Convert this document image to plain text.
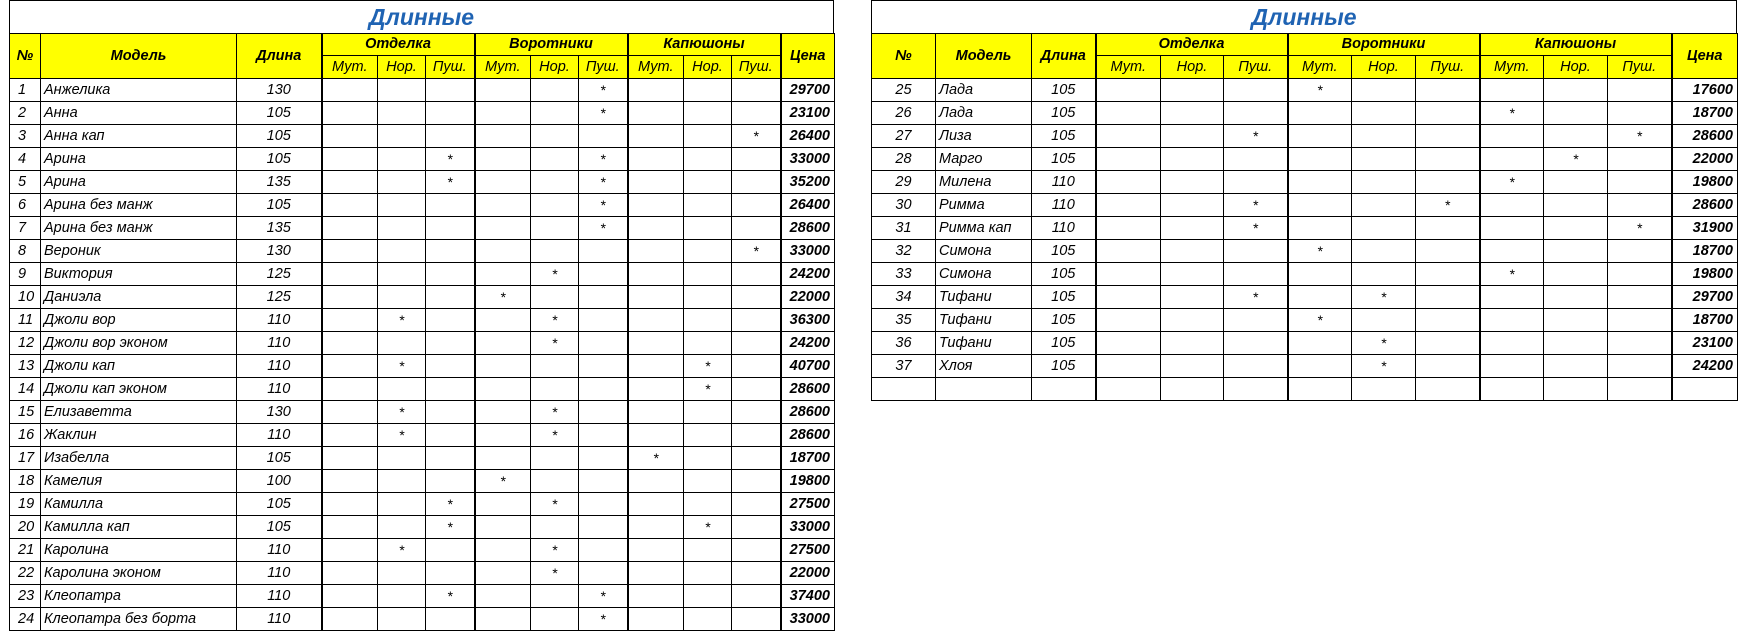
Длинные
№	Модель	Длина	Отделка			Воротники			Капюшоны			Цена
			Мут.	Нор.	Пуш.	Мут.	Нор.	Пуш.	Мут.	Нор.	Пуш.	
1	Анжелика	130						*				29700
2	Анна	105						*				23100
3	Анна кап	105									*	26400
4	Арина	105			*			*				33000
5	Арина	135			*			*				35200
6	Арина без манж	105						*				26400
7	Арина без манж	135						*				28600
8	Вероник	130									*	33000
9	Виктория	125					*					24200
10	Даниэла	125				*						22000
11	Джоли вор	110		*			*					36300
12	Джоли вор эконом	110					*					24200
13	Джоли кап	110		*						*		40700
14	Джоли кап эконом	110								*		28600
15	Елизаветта	130		*			*					28600
16	Жаклин	110		*			*					28600
17	Изабелла	105							*			18700
18	Камелия	100				*						19800
19	Камилла	105			*		*					27500
20	Камилла кап	105			*					*		33000
21	Каролина	110		*			*					27500
22	Каролина эконом	110					*					22000
23	Клеопатра	110			*			*				37400
24	Клеопатра без борта	110						*				33000
Длинные
№	Модель	Длина	Отделка			Воротники			Капюшоны			Цена
			Мут.	Нор.	Пуш.	Мут.	Нор.	Пуш.	Мут.	Нор.	Пуш.	
25	Лада	105				*						17600
26	Лада	105							*			18700
27	Лиза	105			*						*	28600
28	Марго	105								*		22000
29	Милена	110							*			19800
30	Римма	110			*			*				28600
31	Римма кап	110			*						*	31900
32	Симона	105				*						18700
33	Симона	105							*			19800
34	Тифани	105			*		*					29700
35	Тифани	105				*						18700
36	Тифани	105					*					23100
37	Хлоя	105					*					24200
